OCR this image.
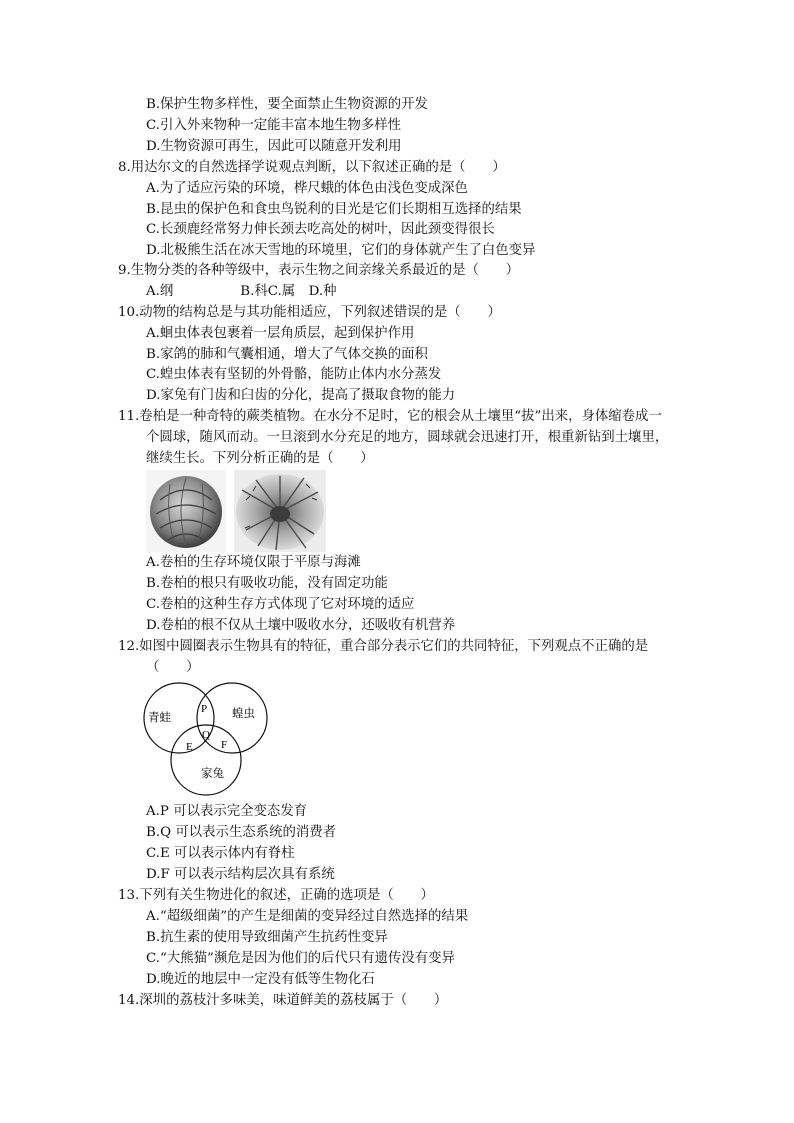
B.保护生物多样性，要全面禁止生物资源的开发
C.引入外来物种一定能丰富本地生物多样性
D.生物资源可再生，因此可以随意开发利用
8.用达尔文的自然选择学说观点判断，以下叙述正确的是（　　）
A.为了适应污染的环境，桦尺蛾的体色由浅色变成深色
B.昆虫的保护色和食虫鸟锐利的目光是它们长期相互选择的结果
C.长颈鹿经常努力伸长颈去吃高处的树叶，因此颈变得很长
D.北极熊生活在冰天雪地的环境里，它们的身体就产生了白色变异
9.生物分类的各种等级中，表示生物之间亲缘关系最近的是（　　）
A.纲　　　　　B.科C.属　D.种
10.动物的结构总是与其功能相适应，下列叙述错误的是（　　）
A.蛔虫体表包裹着一层角质层，起到保护作用
B.家鸽的肺和气囊相通，增大了气体交换的面积
C.蝗虫体表有坚韧的外骨骼，能防止体内水分蒸发
D.家兔有门齿和臼齿的分化，提高了摄取食物的能力
11.卷柏是一种奇特的蕨类植物。在水分不足时，它的根会从土壤里“拔”出来，身体缩卷成一
个圆球，随风而动。一旦滚到水分充足的地方，圆球就会迅速打开，根重新钻到土壤里，
继续生长。下列分析正确的是（　　）
A.卷柏的生存环境仅限于平原与海滩
B.卷柏的根只有吸收功能，没有固定功能
C.卷柏的这种生存方式体现了它对环境的适应
D.卷柏的根不仅从土壤中吸收水分，还吸收有机营养
12.如图中圆圈表示生物具有的特征，重合部分表示它们的共同特征，下列观点不正确的是
（　　）
青蛙	蝗虫
家兔
P
Q
E	F
A.P 可以表示完全变态发育
B.Q 可以表示生态系统的消费者
C.E 可以表示体内有脊柱
D.F 可以表示结构层次具有系统
13.下列有关生物进化的叙述，正确的选项是（　　）
A.“超级细菌”的产生是细菌的变异经过自然选择的结果
B.抗生素的使用导致细菌产生抗药性变异
C.“大熊猫”濒危是因为他们的后代只有遗传没有变异
D.晚近的地层中一定没有低等生物化石
14.深圳的荔枝汁多味美，味道鲜美的荔枝属于（　　）
